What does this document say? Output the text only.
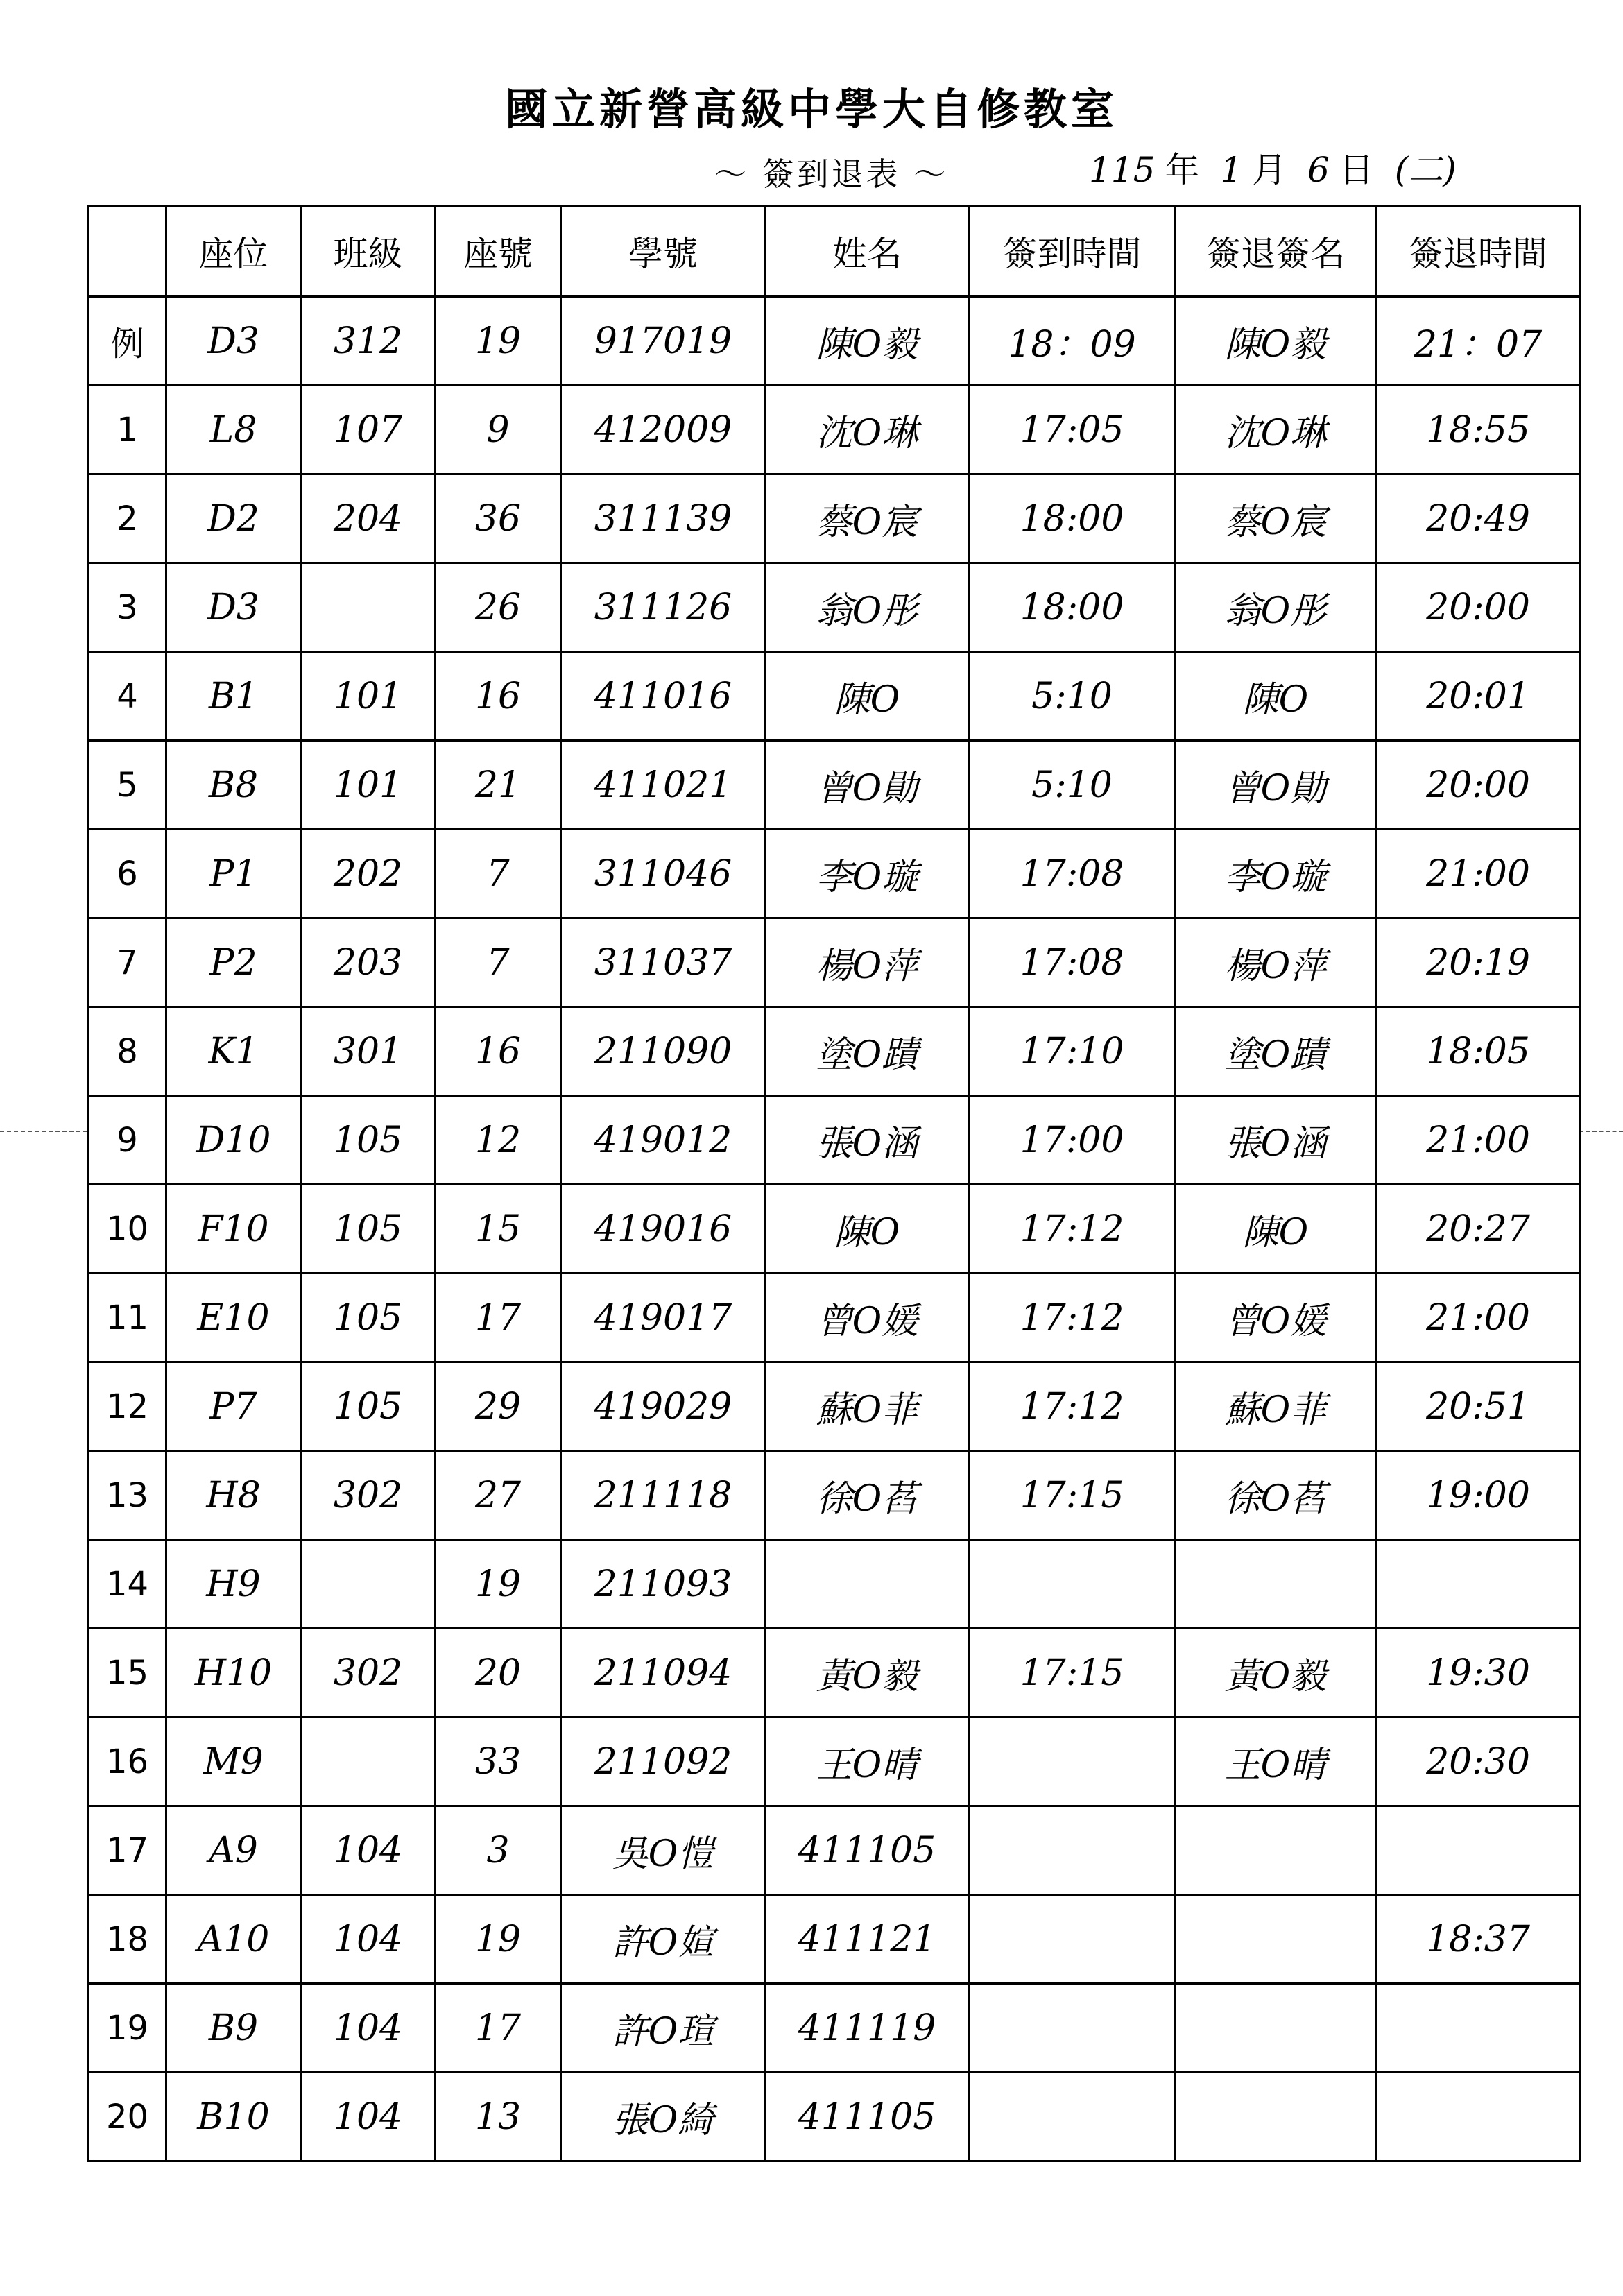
國立新營高級中學大自修教室
～ 簽到退表 ～	115 年 1 月 6 日 (二)
	座位	班級	座號	學號	姓名	簽到時間	簽退簽名	簽退時間
例	D3	312	19	917019	陳O毅	18：09	陳O毅	21：07
1	L8	107	9	412009	沈O琳	17:05	沈O琳	18:55
2	D2	204	36	311139	蔡O宸	18:00	蔡O宸	20:49
3	D3		26	311126	翁O彤	18:00	翁O彤	20:00
4	B1	101	16	411016	陳O	5:10	陳O	20:01
5	B8	101	21	411021	曾O勛	5:10	曾O勛	20:00
6	P1	202	7	311046	李O璇	17:08	李O璇	21:00
7	P2	203	7	311037	楊O萍	17:08	楊O萍	20:19
8	K1	301	16	211090	塗O蹟	17:10	塗O蹟	18:05
9	D10	105	12	419012	張O涵	17:00	張O涵	21:00
10	F10	105	15	419016	陳O	17:12	陳O	20:27
11	E10	105	17	419017	曾O媛	17:12	曾O媛	21:00
12	P7	105	29	419029	蘇O菲	17:12	蘇O菲	20:51
13	H8	302	27	211118	徐O萏	17:15	徐O萏	19:00
14	H9		19	211093				
15	H10	302	20	211094	黃O毅	17:15	黃O毅	19:30
16	M9		33	211092	王O晴		王O晴	20:30
17	A9	104	3	吳O愷	411105			
18	A10	104	19	許O媗	411121			18:37
19	B9	104	17	許O瑄	411119			
20	B10	104	13	張O綺	411105			
